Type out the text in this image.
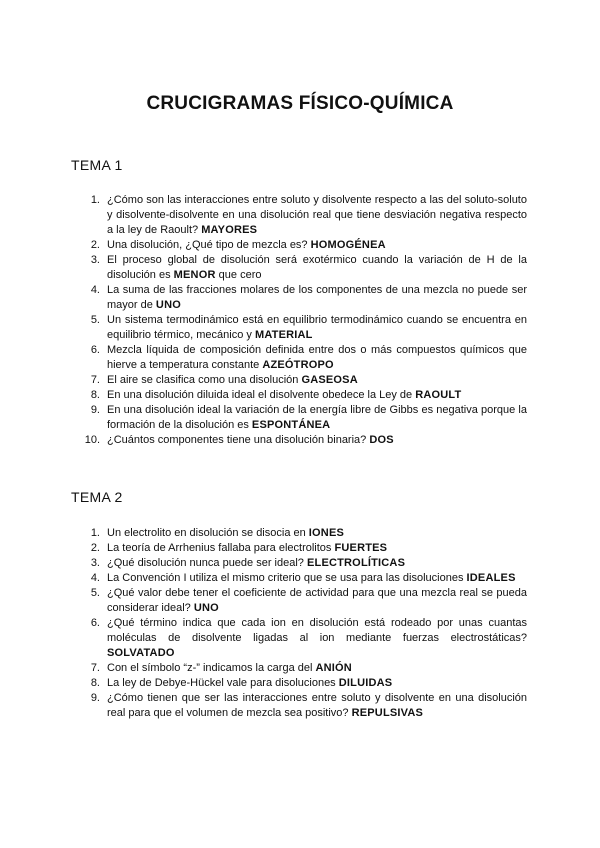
CRUCIGRAMAS FÍSICO-QUÍMICA
TEMA 1
1. ¿Cómo son las interacciones entre soluto y disolvente respecto a las del soluto-soluto y disolvente-disolvente en una disolución real que tiene desviación negativa respecto a la ley de Raoult? MAYORES
2. Una disolución, ¿Qué tipo de mezcla es? HOMOGÉNEA
3. El proceso global de disolución será exotérmico cuando la variación de H de la disolución es MENOR que cero
4. La suma de las fracciones molares de los componentes de una mezcla no puede ser mayor de UNO
5. Un sistema termodinámico está en equilibrio termodinámico cuando se encuentra en equilibrio térmico, mecánico y MATERIAL
6. Mezcla líquida de composición definida entre dos o más compuestos químicos que hierve a temperatura constante AZEÓTROPO
7. El aire se clasifica como una disolución GASEOSA
8. En una disolución diluida ideal el disolvente obedece la Ley de RAOULT
9. En una disolución ideal la variación de la energía libre de Gibbs es negativa porque la formación de la disolución es ESPONTÁNEA
10. ¿Cuántos componentes tiene una disolución binaria? DOS
TEMA 2
1. Un electrolito en disolución se disocia en IONES
2. La teoría de Arrhenius fallaba para electrolitos FUERTES
3. ¿Qué disolución nunca puede ser ideal? ELECTROLÍTICAS
4. La Convención I utiliza el mismo criterio que se usa para las disoluciones IDEALES
5. ¿Qué valor debe tener el coeficiente de actividad para que una mezcla real se pueda considerar ideal? UNO
6. ¿Qué término indica que cada ion en disolución está rodeado por unas cuantas moléculas de disolvente ligadas al ion mediante fuerzas electrostáticas? SOLVATADO
7. Con el símbolo “z-” indicamos la carga del ANIÓN
8. La ley de Debye-Hückel vale para disoluciones DILUIDAS
9. ¿Cómo tienen que ser las interacciones entre soluto y disolvente en una disolución real para que el volumen de mezcla sea positivo? REPULSIVAS
